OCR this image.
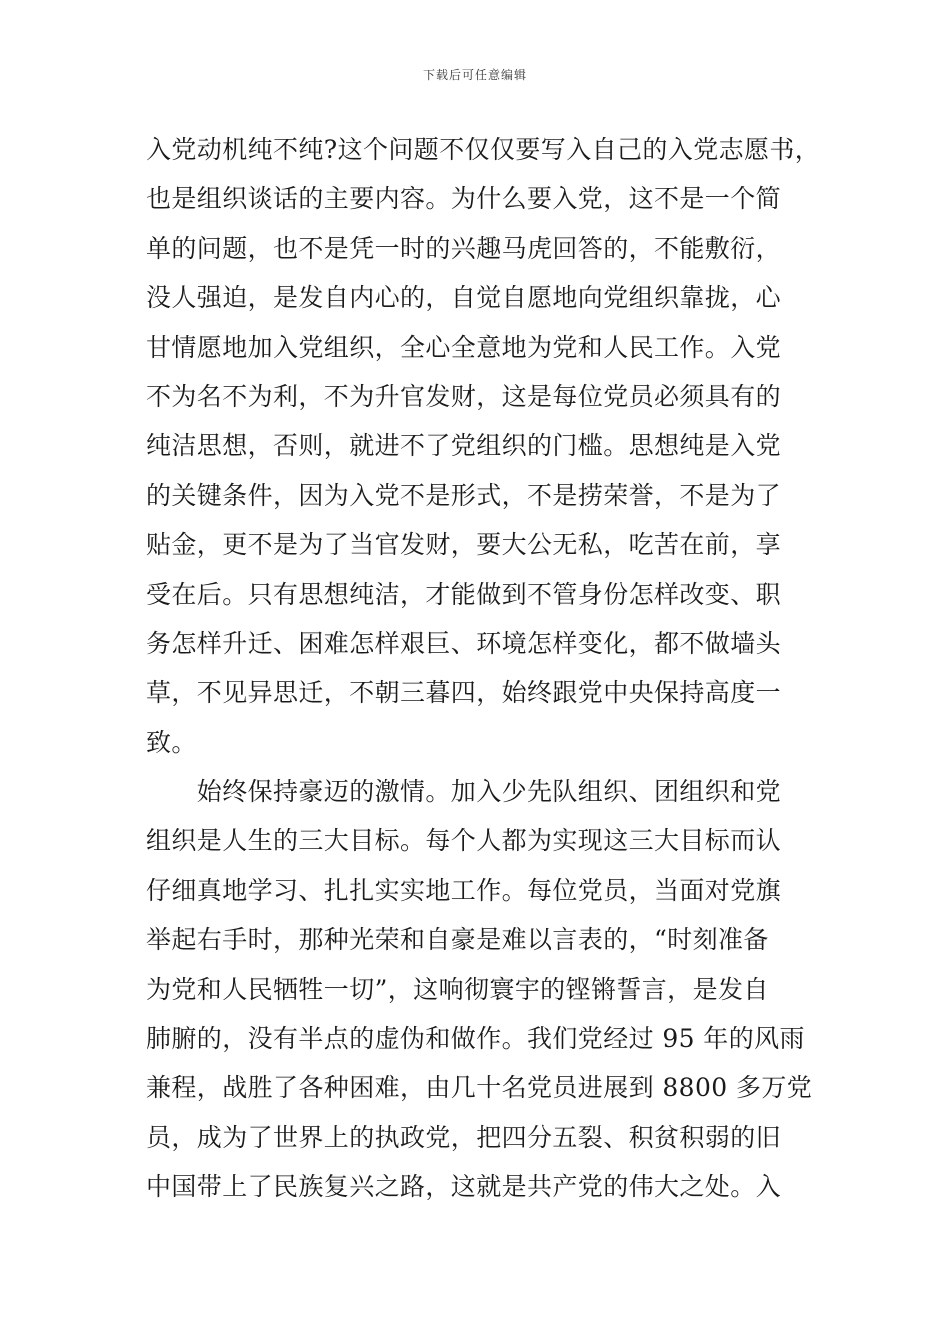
下载后可任意编辑
入党动机纯不纯?这个问题不仅仅要写入自己的入党志愿书，
也是组织谈话的主要内容。为什么要入党，这不是一个简
单的问题，也不是凭一时的兴趣马虎回答的，不能敷衍，
没人强迫，是发自内心的，自觉自愿地向党组织靠拢，心
甘情愿地加入党组织，全心全意地为党和人民工作。入党
不为名不为利，不为升官发财，这是每位党员必须具有的
纯洁思想，否则，就进不了党组织的门槛。思想纯是入党
的关键条件，因为入党不是形式，不是捞荣誉，不是为了
贴金，更不是为了当官发财，要大公无私，吃苦在前，享
受在后。只有思想纯洁，才能做到不管身份怎样改变、职
务怎样升迁、困难怎样艰巨、环境怎样变化，都不做墙头
草，不见异思迁，不朝三暮四，始终跟党中央保持高度一
致。
　　始终保持豪迈的激情。加入少先队组织、团组织和党
组织是人生的三大目标。每个人都为实现这三大目标而认
仔细真地学习、扎扎实实地工作。每位党员，当面对党旗
举起右手时，那种光荣和自豪是难以言表的，“时刻准备
为党和人民牺牲一切”，这响彻寰宇的铿锵誓言，是发自
肺腑的，没有半点的虚伪和做作。我们党经过 95 年的风雨
兼程，战胜了各种困难，由几十名党员进展到 8800 多万党
员，成为了世界上的执政党，把四分五裂、积贫积弱的旧
中国带上了民族复兴之路，这就是共产党的伟大之处。入
